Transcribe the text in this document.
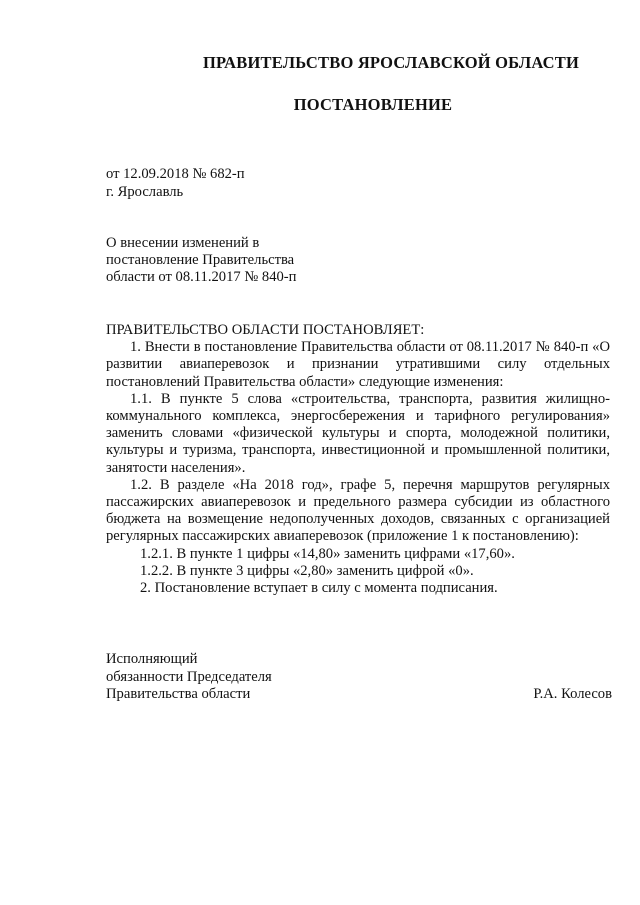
ПРАВИТЕЛЬСТВО ЯРОСЛАВСКОЙ ОБЛАСТИ
ПОСТАНОВЛЕНИЕ
от 12.09.2018 № 682-п
г. Ярославль
О внесении изменений в
постановление Правительства
области от 08.11.2017 № 840-п

ПРАВИТЕЛЬСТВО ОБЛАСТИ ПОСТАНОВЛЯЕТ:

1. Внести в постановление Правительства области от 08.11.2017 № 840-п «О развитии авиаперевозок и признании утратившими силу отдельных постановлений Правительства области» следующие изменения:

1.1. В пункте 5 слова «строительства, транспорта, развития жилищно-коммунального комплекса, энергосбережения и тарифного регулирования» заменить словами «физической культуры и спорта, молодежной политики, культуры и туризма, транспорта, инвестиционной и промышленной политики, занятости населения».

1.2. В разделе «На 2018 год», графе 5, перечня маршрутов регулярных пассажирских авиаперевозок и предельного размера субсидии из областного бюджета на возмещение недополученных доходов, связанных с организацией регулярных пассажирских авиаперевозок (приложение 1 к постановлению):

1.2.1. В пункте 1 цифры «14,80» заменить цифрами «17,60».

1.2.2. В пункте 3 цифры «2,80» заменить цифрой «0».

2. Постановление вступает в силу с момента подписания.

Исполняющий
обязанности Председателя
Правительства области	Р.А. Колесов
